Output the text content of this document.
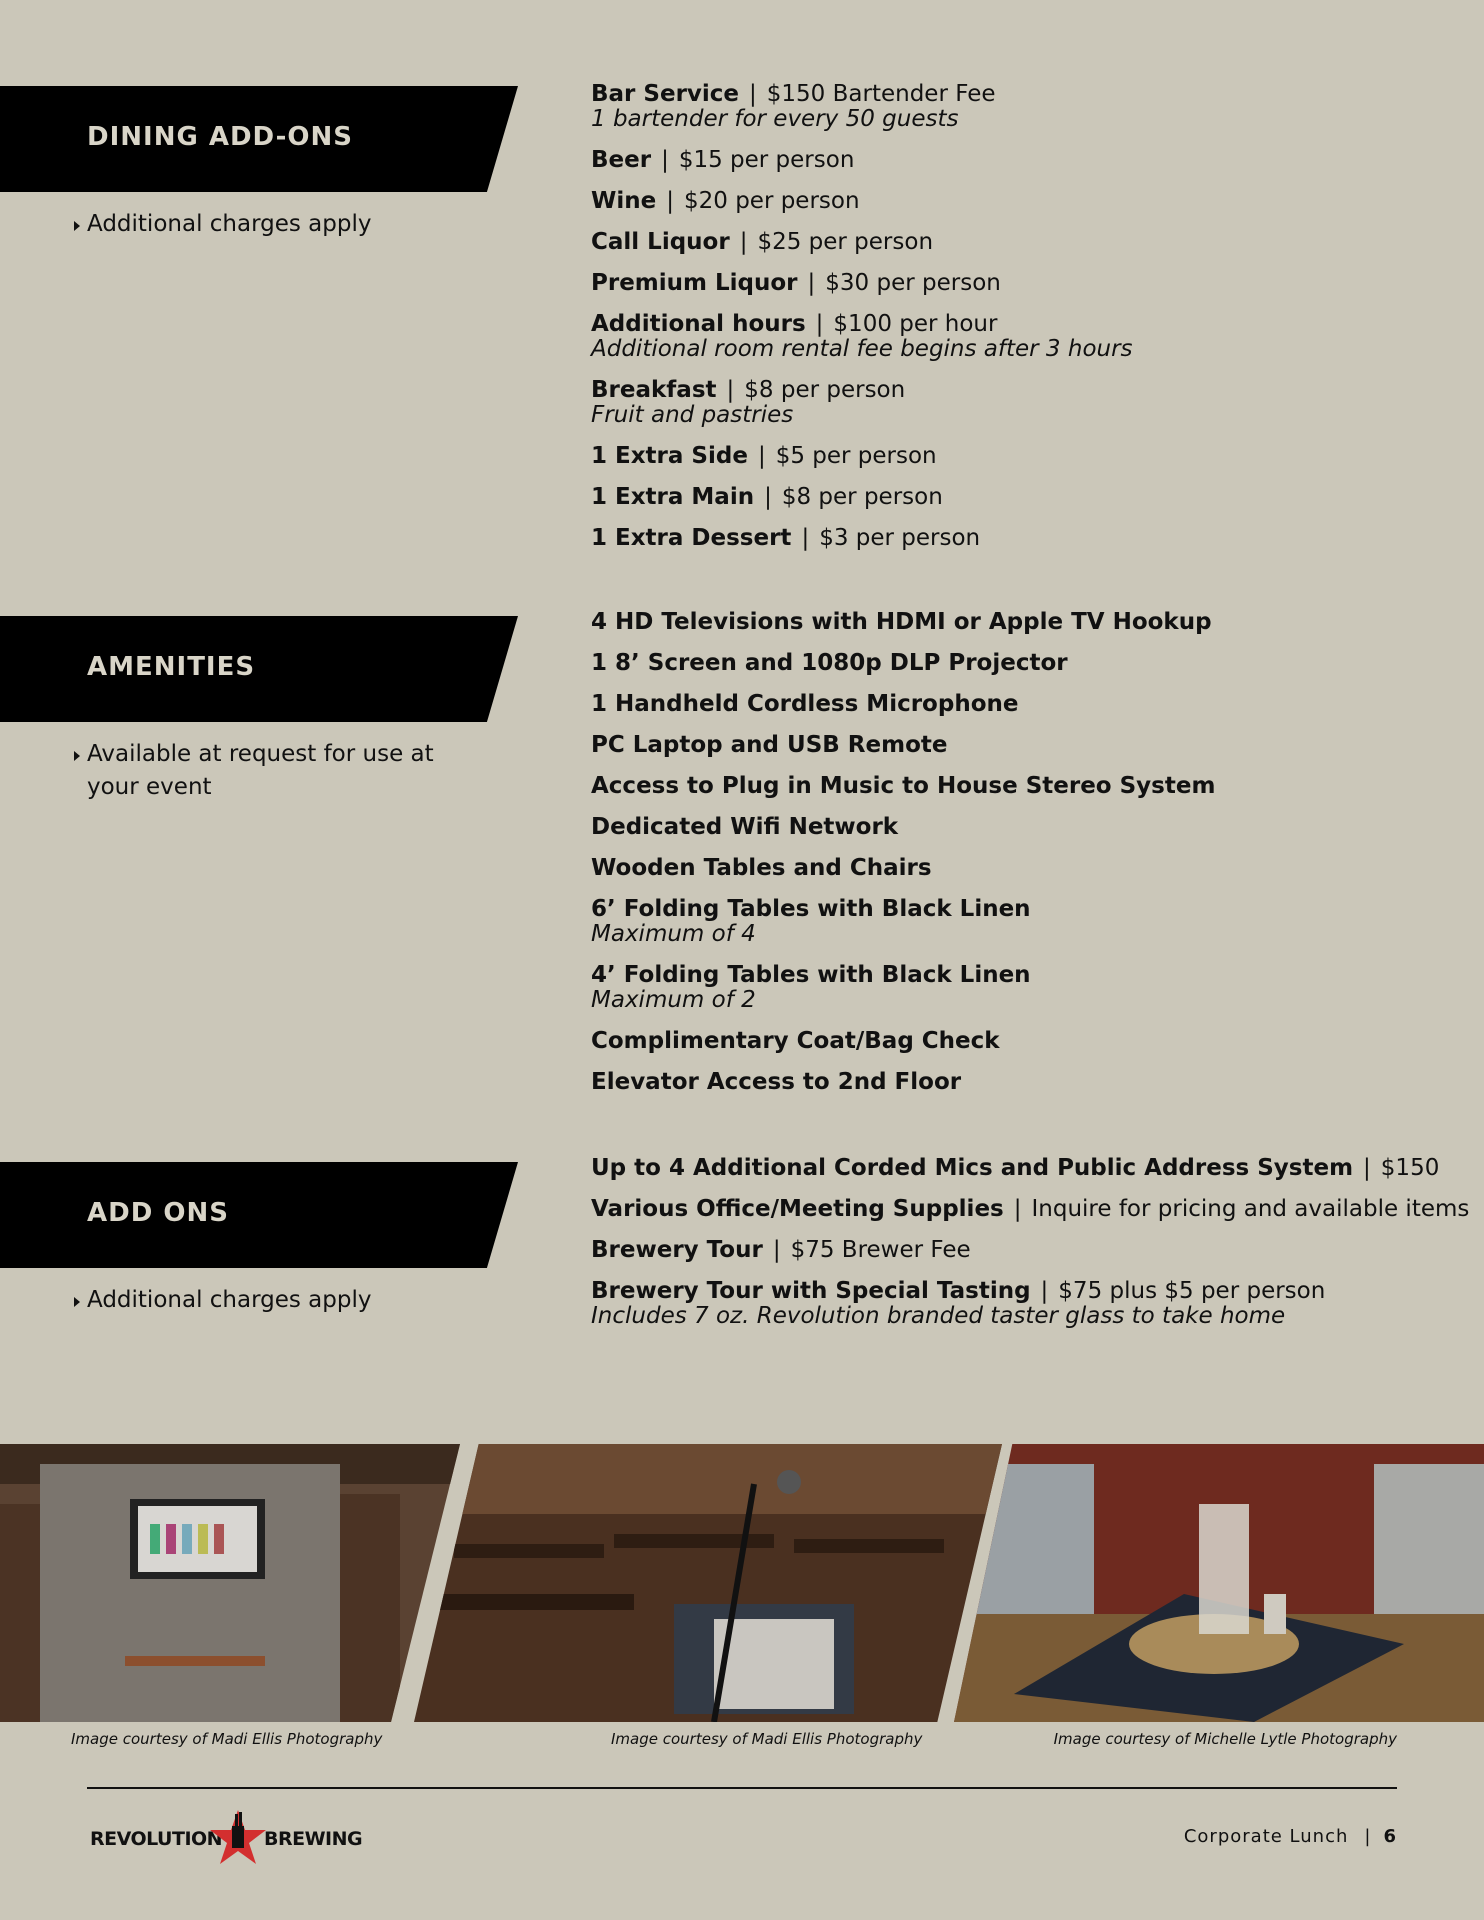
DINING ADD-ONS
Additional charges apply
Bar Service | $150 Bartender Fee
1 bartender for every 50 guests
Beer | $15 per person
Wine | $20 per person
Call Liquor | $25 per person
Premium Liquor | $30 per person
Additional hours | $100 per hour
Additional room rental fee begins after 3 hours
Breakfast | $8 per person
Fruit and pastries
1 Extra Side | $5 per person
1 Extra Main | $8 per person
1 Extra Dessert | $3 per person
AMENITIES
Available at request for use at your event
4 HD Televisions with HDMI or Apple TV Hookup
1 8’ Screen and 1080p DLP Projector
1 Handheld Cordless Microphone
PC Laptop and USB Remote
Access to Plug in Music to House Stereo System
Dedicated Wifi Network
Wooden Tables and Chairs
6’ Folding Tables with Black Linen
Maximum of 4
4’ Folding Tables with Black Linen
Maximum of 2
Complimentary Coat/Bag Check
Elevator Access to 2nd Floor
ADD ONS
Additional charges apply
Up to 4 Additional Corded Mics and Public Address System | $150
Various Office/Meeting Supplies | Inquire for pricing and available items
Brewery Tour | $75 Brewer Fee
Brewery Tour with Special Tasting | $75 plus $5 per person
Includes 7 oz. Revolution branded taster glass to take home
Image courtesy of Madi Ellis Photography	Image courtesy of Madi Ellis Photography	Image courtesy of Michelle Lytle Photography
REVOLUTION BREWING	Corporate Lunch | 6
